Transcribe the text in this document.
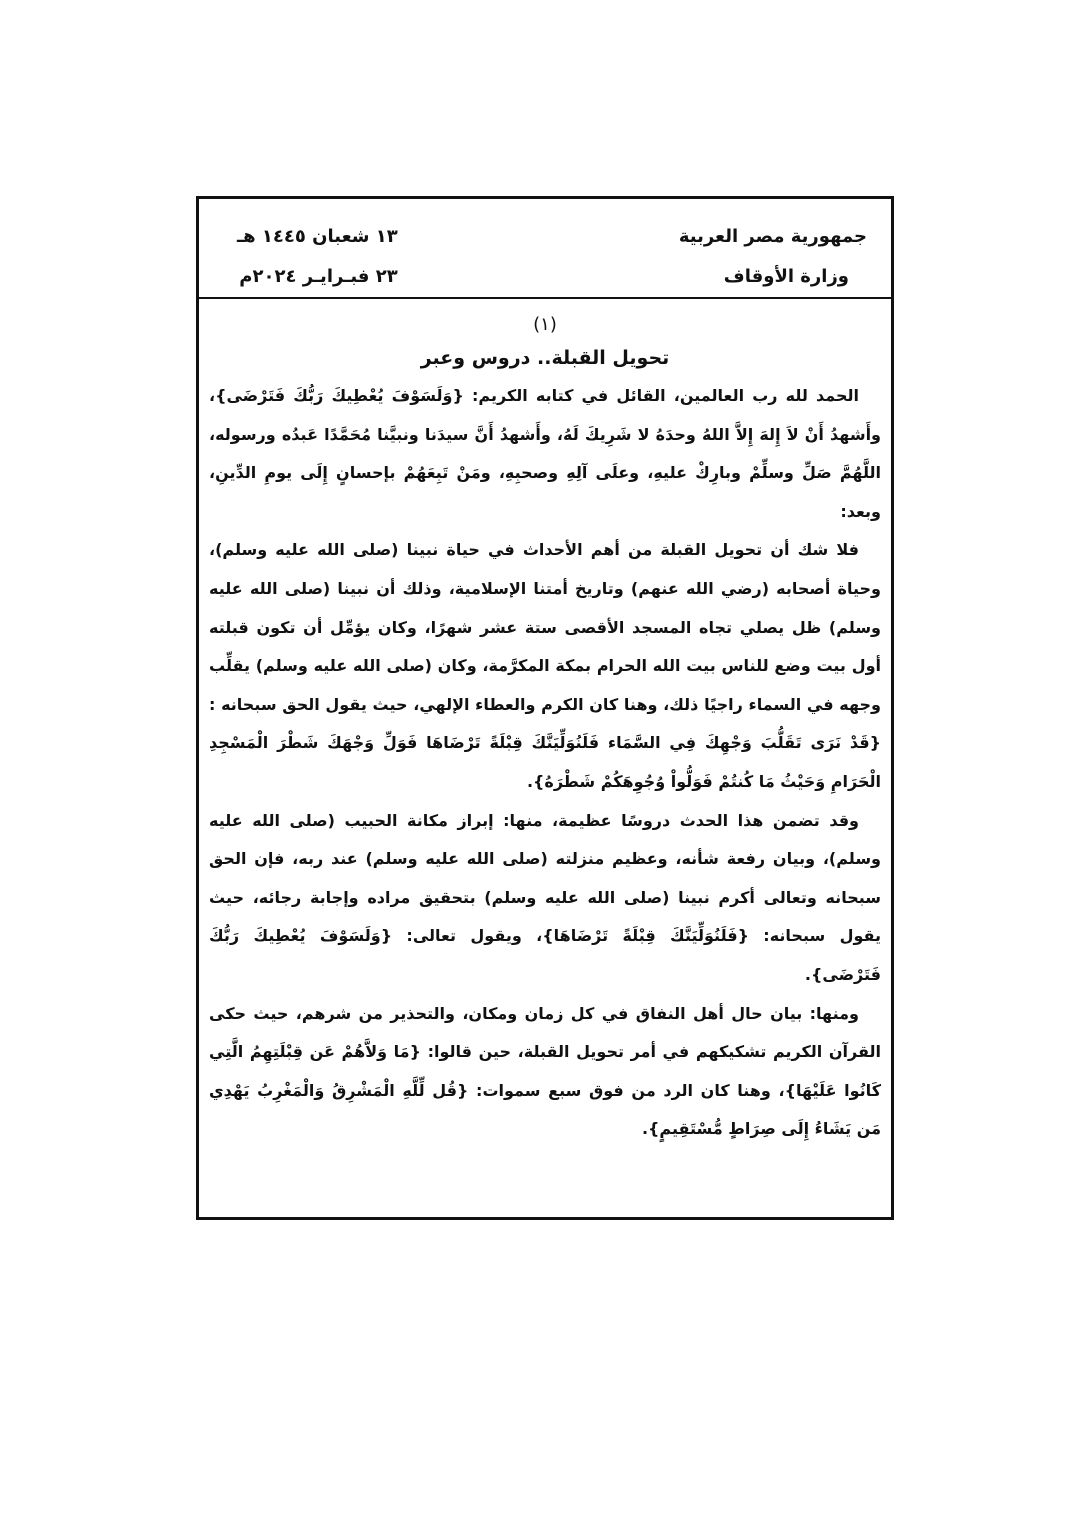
جمهورية مصر العربية
وزارة الأوقاف
١٣ شعبان ١٤٤٥ هـ
٢٣ فبـرايـر ٢٠٢٤م
(١)
تحويل القبلة.. دروس وعبر

الحمد لله رب العالمين، القائل في كتابه الكريم: {وَلَسَوْفَ يُعْطِيكَ رَبُّكَ فَتَرْضَى}، وأَشهدُ أَنْ لاَ إِلهَ إِلاَّ اللهُ وحدَهُ لا شَرِيكَ لَهُ، وأَشهدُ أَنَّ سيدَنا ونبيَّنا مُحَمَّدًا عَبدُه ورسوله، اللَّهُمَّ صَلِّ وسلِّمْ وبارِكْ عليهِ، وعلَى آلِهِ وصحبِهِ، ومَنْ تَبِعَهُمْ بإحسانٍ إِلَى يومِ الدِّينِ، وبعد:

فلا شك أن تحويل القبلة من أهم الأحداث في حياة نبينا (صلى الله عليه وسلم)، وحياة أصحابه (رضي الله عنهم) وتاريخ أمتنا الإسلامية، وذلك أن نبينا (صلى الله عليه وسلم) ظل يصلي تجاه المسجد الأقصى ستة عشر شهرًا، وكان يؤمِّل أن تكون قبلته أول بيت وضع للناس بيت الله الحرام بمكة المكرَّمة، وكان (صلى الله عليه وسلم) يقلِّب وجهه في السماء راجيًا ذلك، وهنا كان الكرم والعطاء الإلهي، حيث يقول الحق سبحانه : {قَدْ نَرَى تَقَلُّبَ وَجْهِكَ فِي السَّمَاء فَلَنُوَلِّيَنَّكَ قِبْلَةً تَرْضَاهَا فَوَلِّ وَجْهَكَ شَطْرَ الْمَسْجِدِ الْحَرَامِ وَحَيْثُ مَا كُنتُمْ فَوَلُّواْ وُجُوِهَكُمْ شَطْرَهُ}.

وقد تضمن هذا الحدث دروسًا عظيمة، منها: إبراز مكانة الحبيب (صلى الله عليه وسلم)، وبيان رفعة شأنه، وعظيم منزلته (صلى الله عليه وسلم) عند ربه، فإن الحق سبحانه وتعالى أكرم نبينا (صلى الله عليه وسلم) بتحقيق مراده وإجابة رجائه، حيث يقول سبحانه: {فَلَنُوَلِّيَنَّكَ قِبْلَةً تَرْضَاهَا}، ويقول تعالى: {وَلَسَوْفَ يُعْطِيكَ رَبُّكَ فَتَرْضَى}.

ومنها: بيان حال أهل النفاق في كل زمان ومكان، والتحذير من شرهم، حيث حكى القرآن الكريم تشكيكهم في أمر تحويل القبلة، حين قالوا: {مَا وَلاَّهُمْ عَن قِبْلَتِهِمُ الَّتِي كَانُوا عَلَيْهَا}، وهنا كان الرد من فوق سبع سموات: {قُل لِّلَّهِ الْمَشْرِقُ وَالْمَغْرِبُ يَهْدِي مَن يَشَاءُ إِلَى صِرَاطٍ مُّسْتَقِيمٍ}.
